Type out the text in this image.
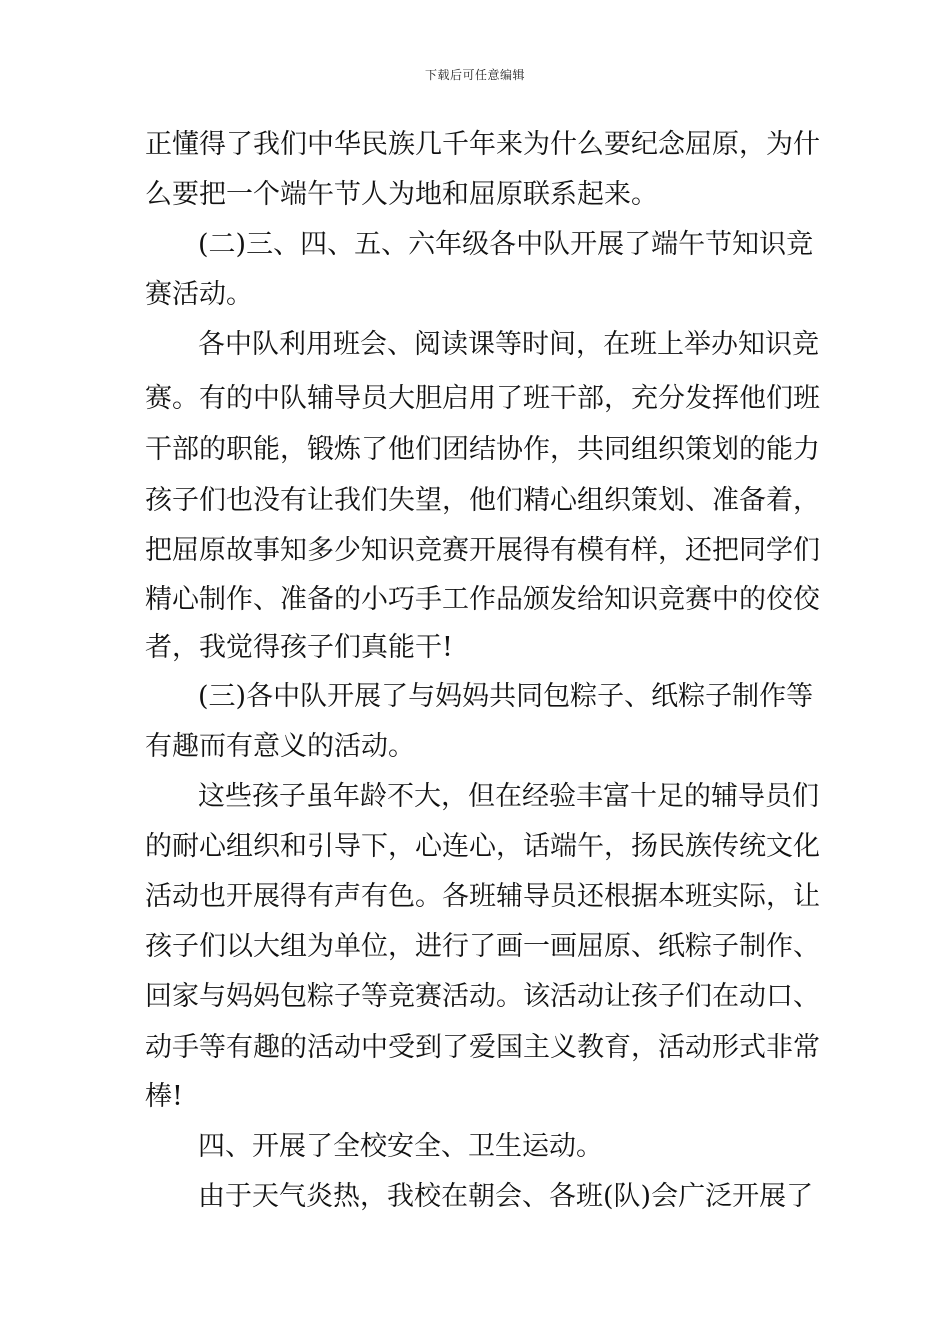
下载后可任意编辑
正懂得了我们中华民族几千年来为什么要纪念屈原，为什
么要把一个端午节人为地和屈原联系起来。
(二)三、四、五、六年级各中队开展了端午节知识竞
赛活动。
各中队利用班会、阅读课等时间，在班上举办知识竞
赛。有的中队辅导员大胆启用了班干部，充分发挥他们班
干部的职能，锻炼了他们团结协作，共同组织策划的能力
孩子们也没有让我们失望，他们精心组织策划、准备着，
把屈原故事知多少知识竞赛开展得有模有样，还把同学们
精心制作、准备的小巧手工作品颁发给知识竞赛中的佼佼
者，我觉得孩子们真能干!
(三)各中队开展了与妈妈共同包粽子、纸粽子制作等
有趣而有意义的活动。
这些孩子虽年龄不大，但在经验丰富十足的辅导员们
的耐心组织和引导下，心连心，话端午，扬民族传统文化
活动也开展得有声有色。各班辅导员还根据本班实际，让
孩子们以大组为单位，进行了画一画屈原、纸粽子制作、
回家与妈妈包粽子等竞赛活动。该活动让孩子们在动口、
动手等有趣的活动中受到了爱国主义教育，活动形式非常
棒!
四、开展了全校安全、卫生运动。
由于天气炎热，我校在朝会、各班(队)会广泛开展了
